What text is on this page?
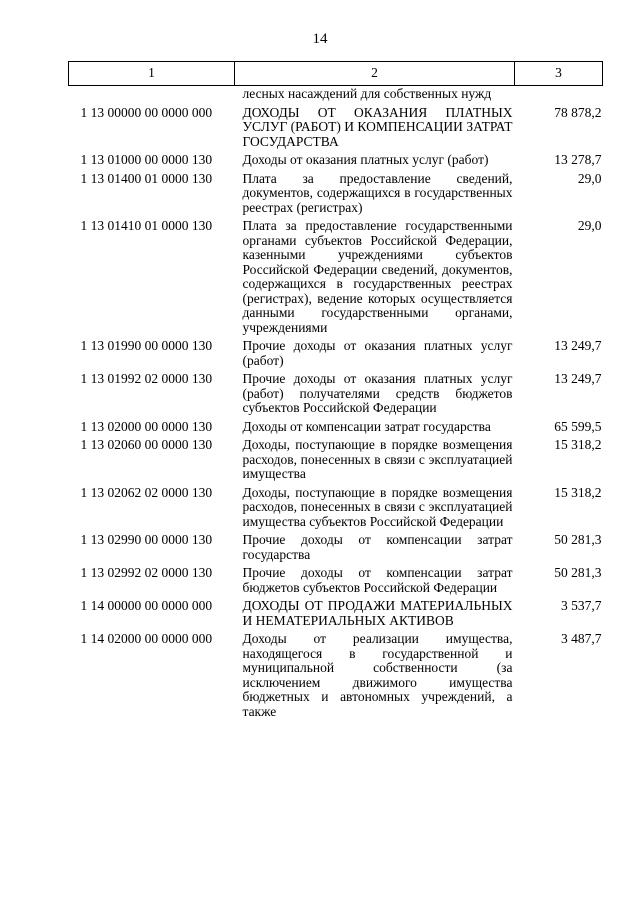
14
1	2	3
	лесных насаждений для собственных нужд	
1 13 00000 00 0000 000	ДОХОДЫ ОТ ОКАЗАНИЯ ПЛАТНЫХ УСЛУГ (РАБОТ) И КОМПЕНСАЦИИ ЗАТРАТ ГОСУДАРСТВА	78 878,2
1 13 01000 00 0000 130	Доходы от оказания платных услуг (работ)	13 278,7
1 13 01400 01 0000 130	Плата за предоставление сведений, документов, содержащихся в государственных реестрах (регистрах)	29,0
1 13 01410 01 0000 130	Плата за предоставление государственными органами субъектов Российской Федерации, казенными учреждениями субъектов Российской Федерации сведений, документов, содержащихся в государственных реестрах (регистрах), ведение которых осуществляется данными государственными органами, учреждениями	29,0
1 13 01990 00 0000 130	Прочие доходы от оказания платных услуг (работ)	13 249,7
1 13 01992 02 0000 130	Прочие доходы от оказания платных услуг (работ) получателями средств бюджетов субъектов Российской Федерации	13 249,7
1 13 02000 00 0000 130	Доходы от компенсации затрат государства	65 599,5
1 13 02060 00 0000 130	Доходы, поступающие в порядке возмещения расходов, понесенных в связи с эксплуатацией имущества	15 318,2
1 13 02062 02 0000 130	Доходы, поступающие в порядке возмещения расходов, понесенных в связи с эксплуатацией имущества субъектов Российской Федерации	15 318,2
1 13 02990 00 0000 130	Прочие доходы от компенсации затрат государства	50 281,3
1 13 02992 02 0000 130	Прочие доходы от компенсации затрат бюджетов субъектов Российской Федерации	50 281,3
1 14 00000 00 0000 000	ДОХОДЫ ОТ ПРОДАЖИ МАТЕРИАЛЬНЫХ И НЕМАТЕРИАЛЬНЫХ АКТИВОВ	3 537,7
1 14 02000 00 0000 000	Доходы от реализации имущества, находящегося в государственной и муниципальной собственности (за исключением движимого имущества бюджетных и автономных учреждений, а также	3 487,7
